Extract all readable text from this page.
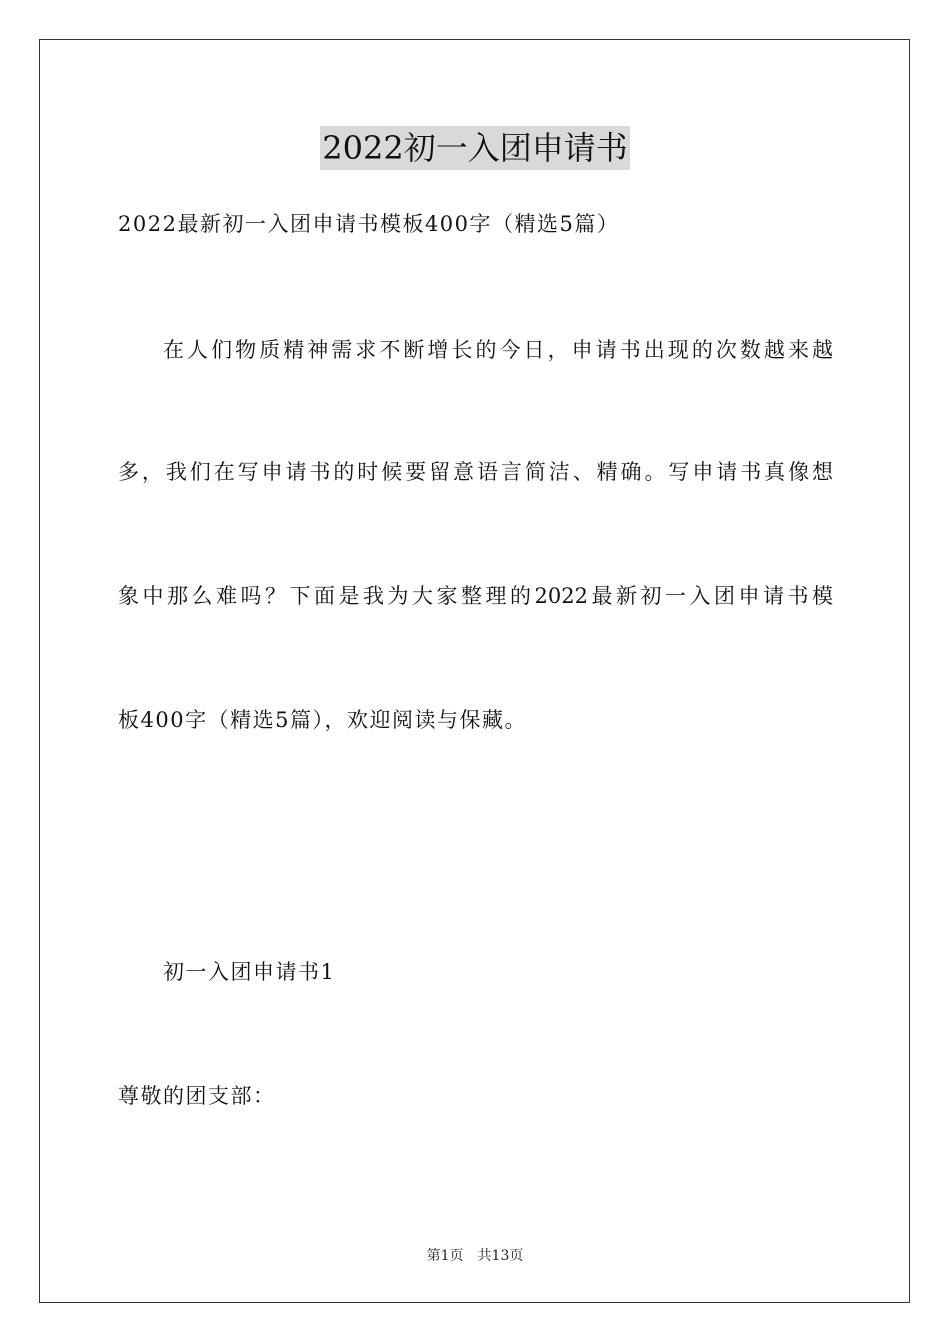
2022初一入团申请书
2022最新初一入团申请书模板400字（精选5篇）
在人们物质精神需求不断增长的今日，申请书出现的次数越来越
多，我们在写申请书的时候要留意语言简洁、精确。写申请书真像想
象中那么难吗？下面是我为大家整理的2022最新初一入团申请书模
板400字（精选5篇），欢迎阅读与保藏。
初一入团申请书1
尊敬的团支部：
第1页　共13页
